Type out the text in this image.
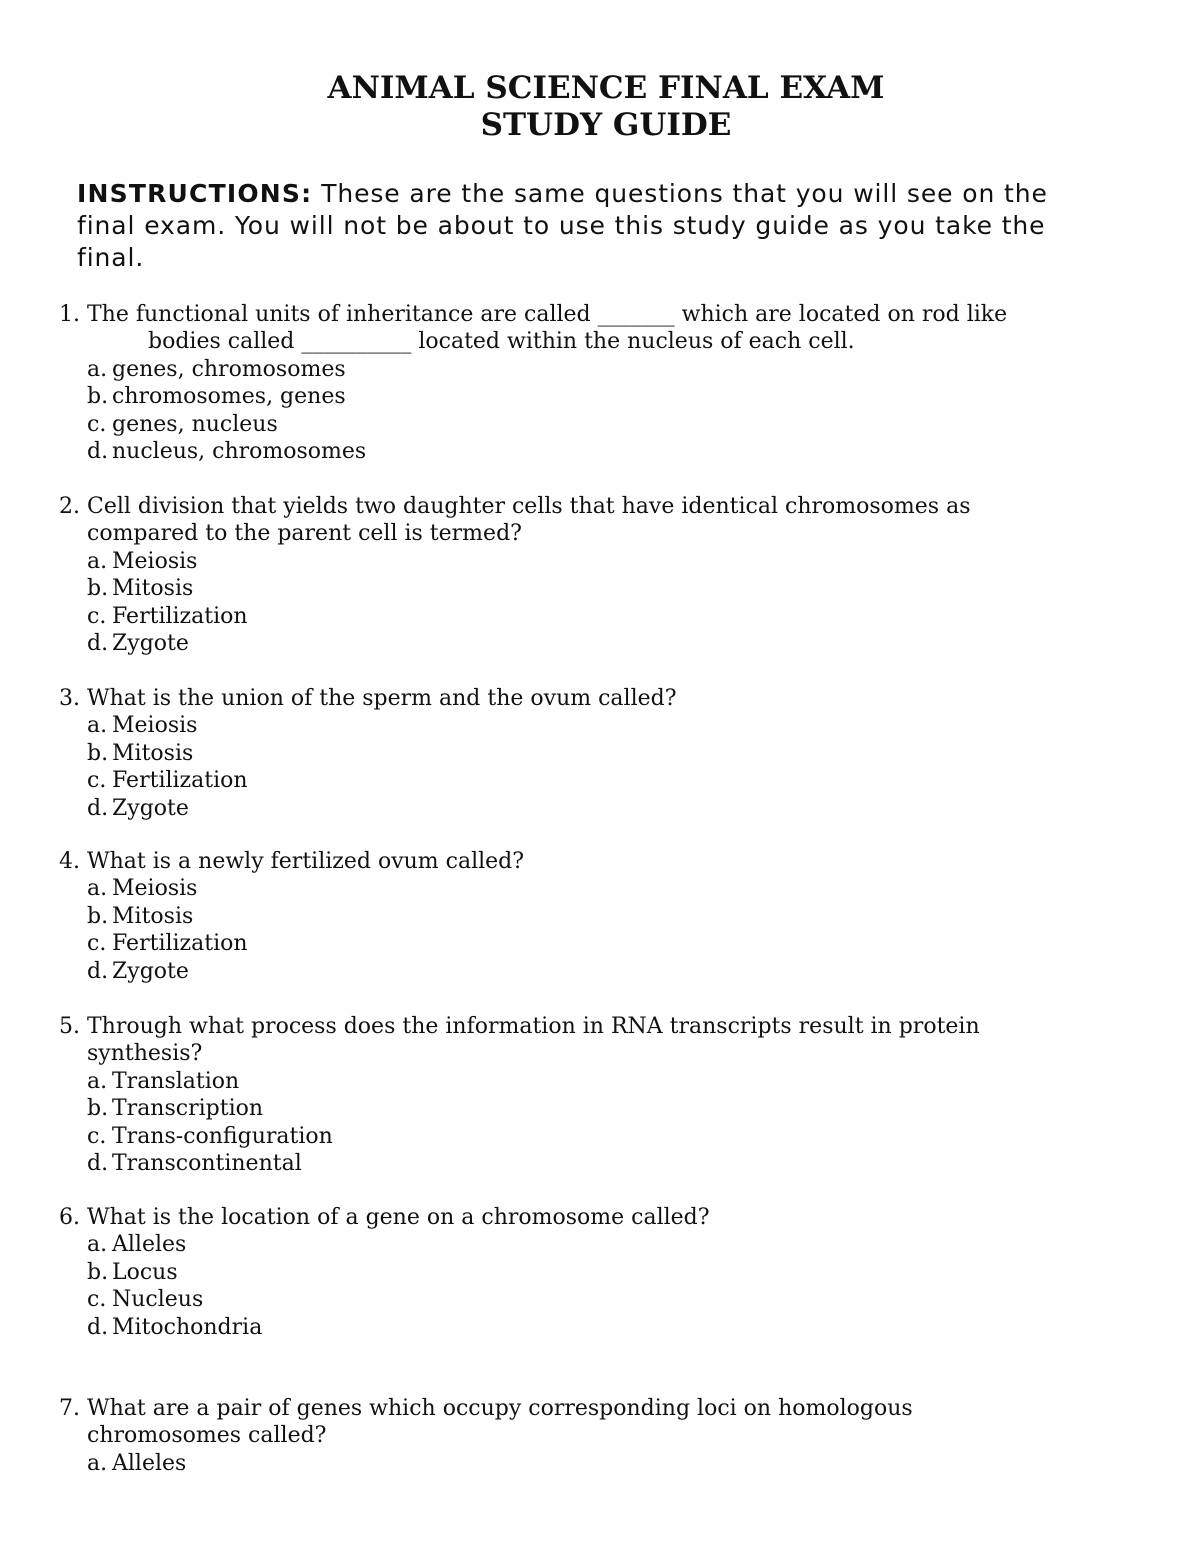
ANIMAL SCIENCE FINAL EXAM
STUDY GUIDE
INSTRUCTIONS: These are the same questions that you will see on the
final exam. You will not be about to use this study guide as you take the
final.
1. The functional units of inheritance are called _______ which are located on rod like
bodies called __________ located within the nucleus of each cell.
a. genes, chromosomes
b. chromosomes, genes
c. genes, nucleus
d. nucleus, chromosomes
2. Cell division that yields two daughter cells that have identical chromosomes as
compared to the parent cell is termed?
a. Meiosis
b. Mitosis
c. Fertilization
d. Zygote
3. What is the union of the sperm and the ovum called?
a. Meiosis
b. Mitosis
c. Fertilization
d. Zygote
4. What is a newly fertilized ovum called?
a. Meiosis
b. Mitosis
c. Fertilization
d. Zygote
5. Through what process does the information in RNA transcripts result in protein
synthesis?
a. Translation
b. Transcription
c. Trans-configuration
d. Transcontinental
6. What is the location of a gene on a chromosome called?
a. Alleles
b. Locus
c. Nucleus
d. Mitochondria
7. What are a pair of genes which occupy corresponding loci on homologous
chromosomes called?
a. Alleles
